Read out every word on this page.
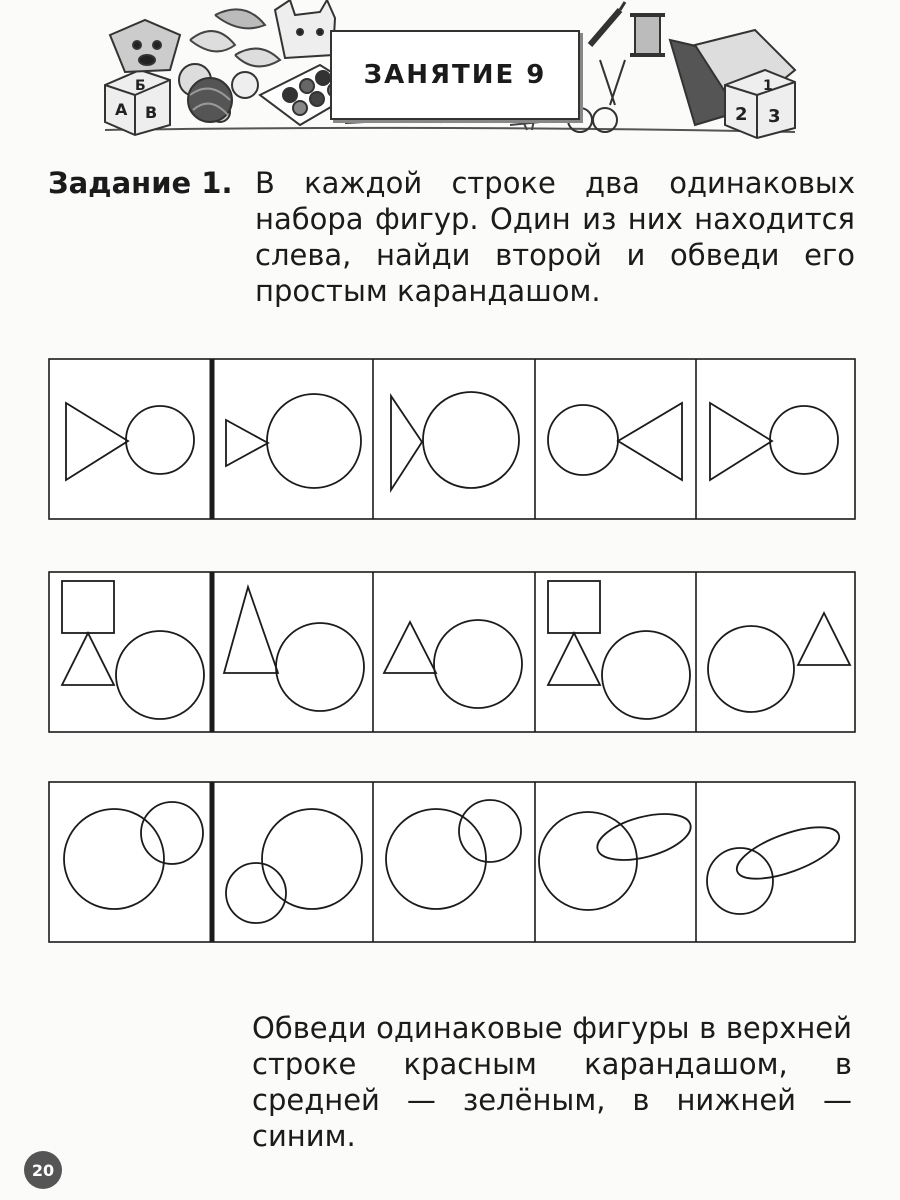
Б
А В
1
2 3
ЗАНЯТИЕ 9
Задание 1. В каждой строке два одинаковых набора фигур. Один из них находится слева, найди второй и обведи его простым карандашом.
Обведи одинаковые фигуры в верхней строке красным карандашом, в средней — зелёным, в нижней — синим.
20
